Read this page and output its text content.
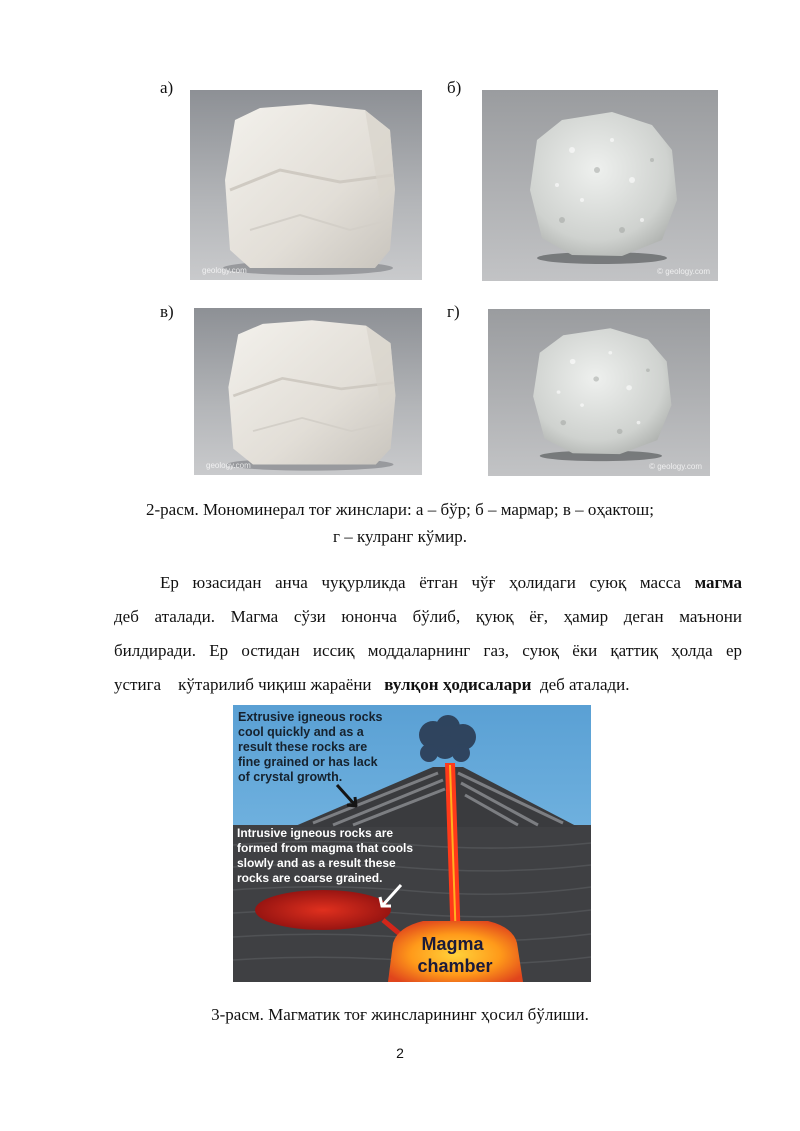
а)	б)
в)	г)
geology.com	© geology.com
geology.com	© geology.com
2-расм. Мономинерал тоғ жинслари: а – бўр; б – мармар; в – оҳактош;
г – кулранг кўмир.
Ер юзасидан анча чуқурликда ётган чўғ ҳолидаги суюқ масса магма
деб аталади. Магма сўзи юнонча бўлиб, қуюқ ёғ, ҳамир деган маънони
билдиради. Ер остидан иссиқ моддаларнинг газ, суюқ ёки қаттиқ ҳолда ер
устига    кўтарилиб чиқиш жараёни   вулқон ҳодисалари  деб аталади.
Extrusive igneous rocks cool quickly and as a result these rocks are fine grained or has lack of crystal growth.
Intrusive igneous rocks are formed from magma that cools slowly and as a result these rocks are coarse grained.
Magma chamber
3-расм. Магматик тоғ жинсларининг ҳосил бўлиши.
2
